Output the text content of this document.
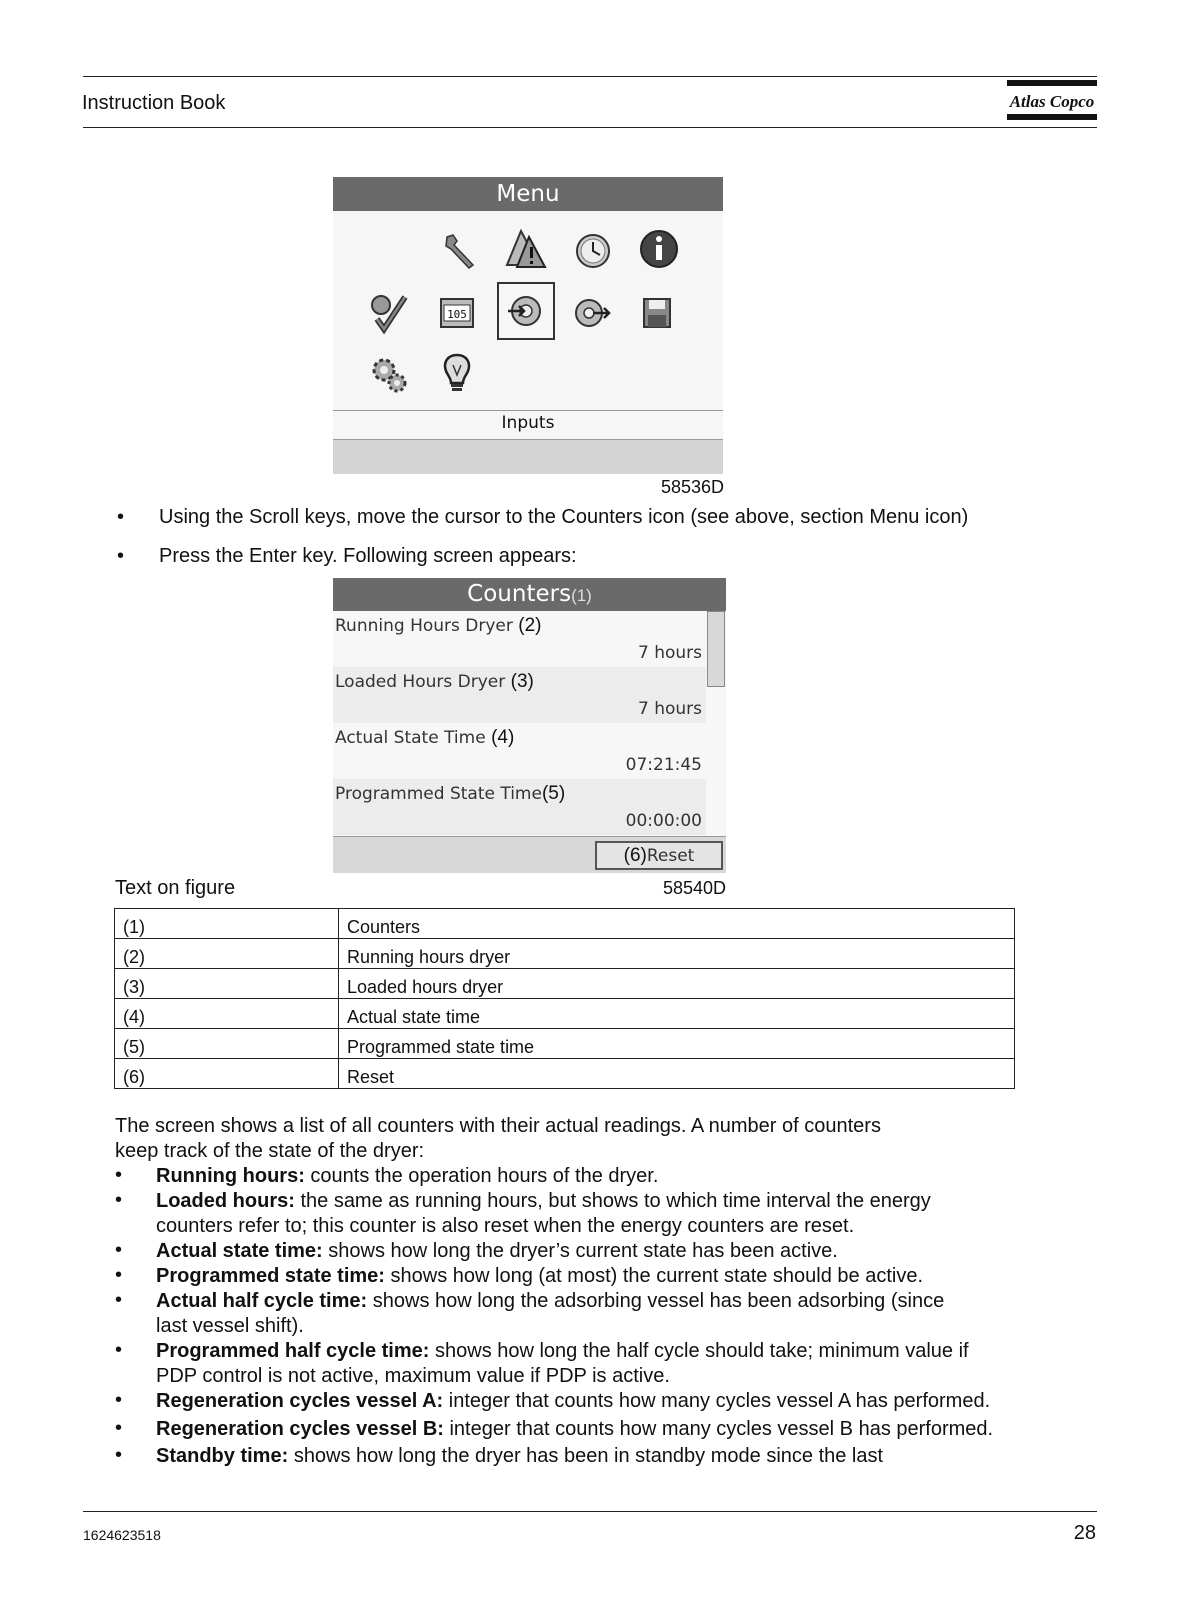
Instruction Book	Atlas Copco
Menu
105
Inputs
58536D
• Using the Scroll keys, move the cursor to the Counters icon (see above, section Menu icon)
• Press the Enter key. Following screen appears:
Counters(1)
Running Hours Dryer (2)
7 hours
Loaded Hours Dryer (3)
7 hours
Actual State Time (4)
07:21:45
Programmed State Time(5)
00:00:00
(6)Reset
Text on figure	58540D
(1)	Counters
(2)	Running hours dryer
(3)	Loaded hours dryer
(4)	Actual state time
(5)	Programmed state time
(6)	Reset
The screen shows a list of all counters with their actual readings. A number of counters
keep track of the state of the dryer:
• Running hours: counts the operation hours of the dryer.
• Loaded hours: the same as running hours, but shows to which time interval the energy counters refer to; this counter is also reset when the energy counters are reset.
• Actual state time: shows how long the dryer’s current state has been active.
• Programmed state time: shows how long (at most) the current state should be active.
• Actual half cycle time: shows how long the adsorbing vessel has been adsorbing (since last vessel shift).
• Programmed half cycle time: shows how long the half cycle should take; minimum value if PDP control is not active, maximum value if PDP is active.
• Regeneration cycles vessel A: integer that counts how many cycles vessel A has performed.
• Regeneration cycles vessel B: integer that counts how many cycles vessel B has performed.
• Standby time: shows how long the dryer has been in standby mode since the last
1624623518	28
